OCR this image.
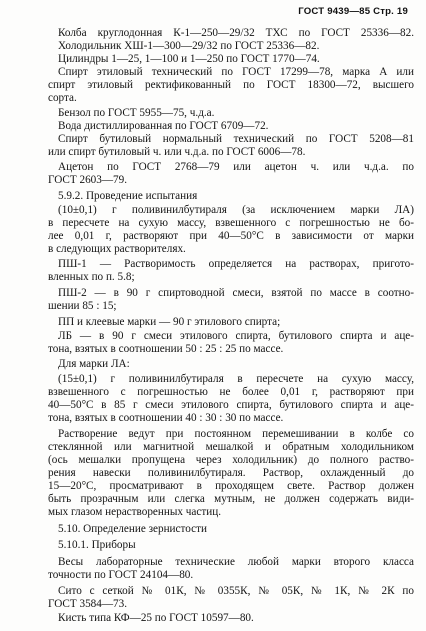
ГОСТ 9439—85 Стр. 19
Колба круглодонная К-1—250—29/32 ТХС по ГОСТ 25336—82.
Холодильник ХШ-1—300—29/32 по ГОСТ 25336—82.
Цилиндры 1—25, 1—100 и 1—250 по ГОСТ 1770—74.
Спирт этиловый технический по ГОСТ 17299—78, марка А или
спирт этиловый ректификованный по ГОСТ 18300—72, высшего
сорта.
Бензол по ГОСТ 5955—75, ч.д.а.
Вода дистиллированная по ГОСТ 6709—72.
Спирт бутиловый нормальный технический по ГОСТ 5208—81
или спирт бутиловый ч. или ч.д.а. по ГОСТ 6006—78.
Ацетон по ГОСТ 2768—79 или ацетон ч. или ч.д.а. по
ГОСТ 2603—79.
5.9.2. Проведение испытания
(10±0,1) г поливинилбутираля (за исключением марки ЛА)
в пересчете на сухую массу, взвешенного с погрешностью не бо-
лее 0,01 г, растворяют при 40—50°С в зависимости от марки
в следующих растворителях.
ПШ-1 — Растворимость определяется на растворах, пригото-
вленных по п. 5.8;
ПШ-2 — в 90 г спиртоводной смеси, взятой по массе в соотно-
шении 85 : 15;
ПП и клеевые марки — 90 г этилового спирта;
ЛБ — в 90 г смеси этилового спирта, бутилового спирта и аце-
тона, взятых в соотношении 50 : 25 : 25 по массе.
Для марки ЛА:
(15±0,1) г поливинилбутираля в пересчете на сухую массу,
взвешенного с погрешностью не более 0,01 г, растворяют при
40—50°С в 85 г смеси этилового спирта, бутилового спирта и аце-
тона, взятых в соотношении 40 : 30 : 30 по массе.
Растворение ведут при постоянном перемешивании в колбе со
стеклянной или магнитной мешалкой и обратным холодильником
(ось мешалки пропущена через холодильник) до полного раство-
рения навески поливинилбутираля. Раствор, охлажденный до
15—20°С, просматривают в проходящем свете. Раствор должен
быть прозрачным или слегка мутным, не должен содержать види-
мых глазом нерастворенных частиц.
5.10. Определение зернистости
5.10.1. Приборы
Весы лабораторные технические любой марки второго класса
точности по ГОСТ 24104—80.
Сито с сеткой № 01К, № 0355К, № 05К, № 1К, № 2К по
ГОСТ 3584—73.
Кисть типа КФ—25 по ГОСТ 10597—80.
